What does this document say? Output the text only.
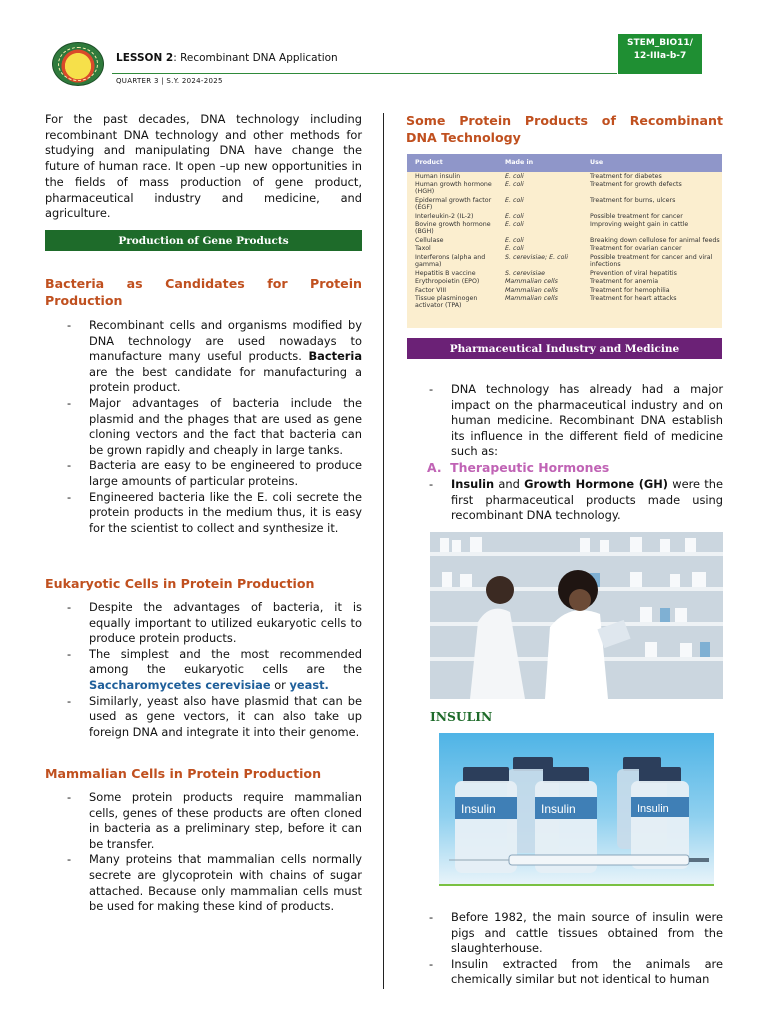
LESSON 2: Recombinant DNA Application
QUARTER 3 | S.Y. 2024-2025
STEM_BIO11/
12-IIIa-b-7
For the past decades, DNA technology including recombinant DNA technology and other methods for studying and manipulating DNA have change the future of human race. It open –up new opportunities in the fields of mass production of gene product, pharmaceutical industry and medicine, and agriculture.
Production of Gene Products
Bacteria as Candidates for Protein
Production
- Recombinant cells and organisms modified by DNA technology are used nowadays to manufacture many useful products. Bacteria are the best candidate for manufacturing a protein product.
- Major advantages of bacteria include the plasmid and the phages that are used as gene cloning vectors and the fact that bacteria can be grown rapidly and cheaply in large tanks.
- Bacteria are easy to be engineered to produce large amounts of particular proteins.
- Engineered bacteria like the E. coli secrete the protein products in the medium thus, it is easy for the scientist to collect and synthesize it.
Eukaryotic Cells in Protein Production
- Despite the advantages of bacteria, it is equally important to utilized eukaryotic cells to produce protein products.
- The simplest and the most recommended among the eukaryotic cells are the Saccharomycetes cerevisiae or yeast.
- Similarly, yeast also have plasmid that can be used as gene vectors, it can also take up foreign DNA and integrate it into their genome.
Mammalian Cells in Protein Production
- Some protein products require mammalian cells, genes of these products are often cloned in bacteria as a preliminary step, before it can be transfer.
- Many proteins that mammalian cells normally secrete are glycoprotein with chains of sugar attached. Because only mammalian cells must be used for making these kind of products.
Some Protein Products of Recombinant
DNA Technology
Product	Made in	Use
Human insulin	E. coli	Treatment for diabetes
Human growth hormone (HGH)	E. coli	Treatment for growth defects
Epidermal growth factor (EGF)	E. coli	Treatment for burns, ulcers
Interleukin-2 (IL-2)	E. coli	Possible treatment for cancer
Bovine growth hormone (BGH)	E. coli	Improving weight gain in cattle
Cellulase	E. coli	Breaking down cellulose for animal feeds
Taxol	E. coli	Treatment for ovarian cancer
Interferons (alpha and gamma)	S. cerevisiae; E. coli	Possible treatment for cancer and viral infections
Hepatitis B vaccine	S. cerevisiae	Prevention of viral hepatitis
Erythropoietin (EPO)	Mammalian cells	Treatment for anemia
Factor VIII	Mammalian cells	Treatment for hemophilia
Tissue plasminogen activator (TPA)	Mammalian cells	Treatment for heart attacks
Pharmaceutical Industry and Medicine
- DNA technology has already had a major impact on the pharmaceutical industry and on human medicine. Recombinant DNA establish its influence in the different field of medicine such as:
A. Therapeutic Hormones
- Insulin and Growth Hormone (GH) were the first pharmaceutical products made using recombinant DNA technology.
INSULIN
Insulin	Insulin	Insulin
- Before 1982, the main source of insulin were pigs and cattle tissues obtained from the slaughterhouse.
- Insulin extracted from the animals are chemically similar but not identical to human
